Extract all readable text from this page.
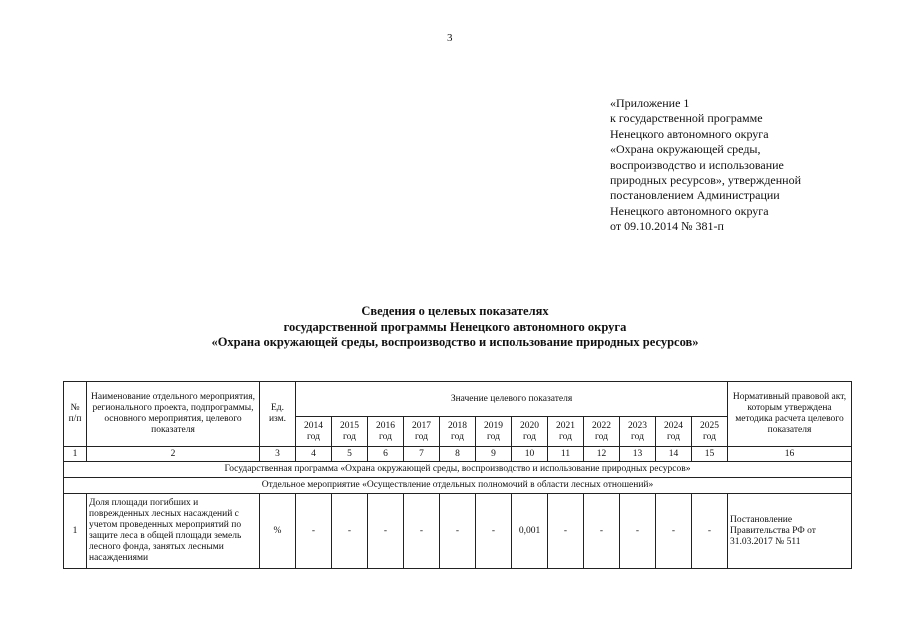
3
«Приложение 1
к государственной программе
Ненецкого автономного округа
«Охрана окружающей среды,
воспроизводство и использование
природных ресурсов», утвержденной
постановлением Администрации
Ненецкого автономного округа
от 09.10.2014 № 381-п
Сведения о целевых показателях
государственной программы Ненецкого автономного округа
«Охрана окружающей среды, воспроизводство и использование природных ресурсов»
№ п/п	Наименование отдельного мероприятия, регионального проекта, подпрограммы, основного мероприятия, целевого показателя	Ед. изм.	Значение целевого показателя												Нормативный правовой акт, которым утверждена методика расчета целевого показателя
			2014 год	2015 год	2016 год	2017 год	2018 год	2019 год	2020 год	2021 год	2022 год	2023 год	2024 год	2025 год	
1	2	3	4	5	6	7	8	9	10	11	12	13	14	15	16
Государственная программа «Охрана окружающей среды, воспроизводство и использование природных ресурсов»															
Отдельное мероприятие «Осуществление отдельных полномочий в области лесных отношений»															
1	Доля площади погибших и поврежденных лесных насаждений с учетом проведенных мероприятий по защите леса в общей площади земель лесного фонда, занятых лесными насаждениями	%	-	-	-	-	-	-	0,001	-	-	-	-	-	Постановление Правительства РФ от 31.03.2017 № 511
